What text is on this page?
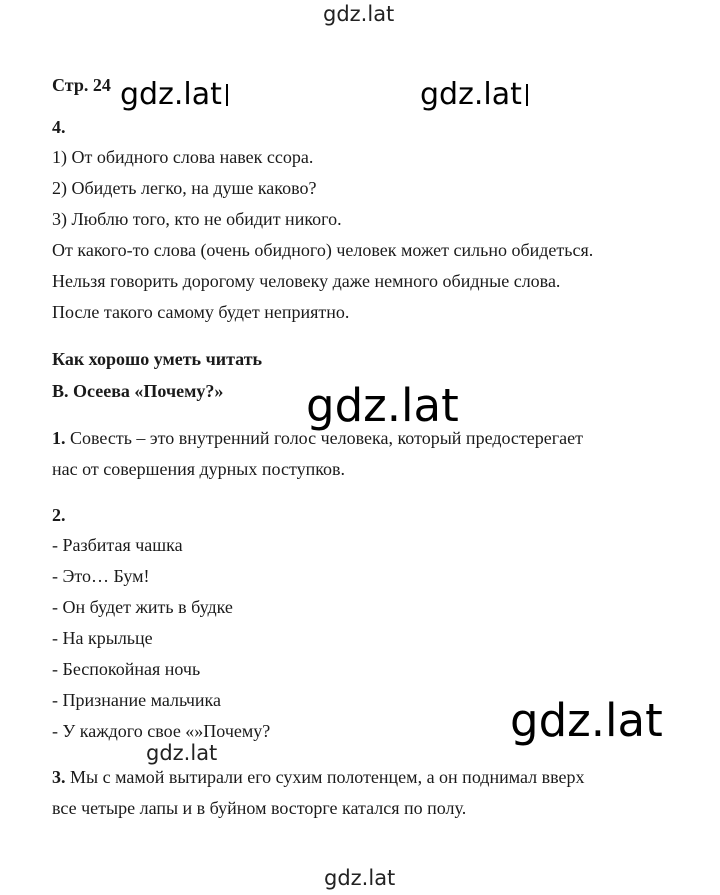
gdz.lat
gdz.lat	gdz.lat
Стр. 24
4.
1) От обидного слова навек ссора.
2) Обидеть легко, на душе каково?
3) Люблю того, кто не обидит никого.
От какого-то слова (очень обидного) человек может сильно обидеться.
Нельзя говорить дорогому человеку даже немного обидные слова.
После такого самому будет неприятно.
Как хорошо уметь читать
В. Осеева «Почему?»
1. Совесть – это внутренний голос человека, который предостерегает
нас от совершения дурных поступков.
gdz.lat
2.
- Разбитая чашка
- Это… Бум!
- Он будет жить в будке
- На крыльце
- Беспокойная ночь
- Признание мальчика
- У каждого свое «»Почему?	gdz.lat
gdz.lat
3. Мы с мамой вытирали его сухим полотенцем, а он поднимал вверх
все четыре лапы и в буйном восторге катался по полу.
gdz.lat
